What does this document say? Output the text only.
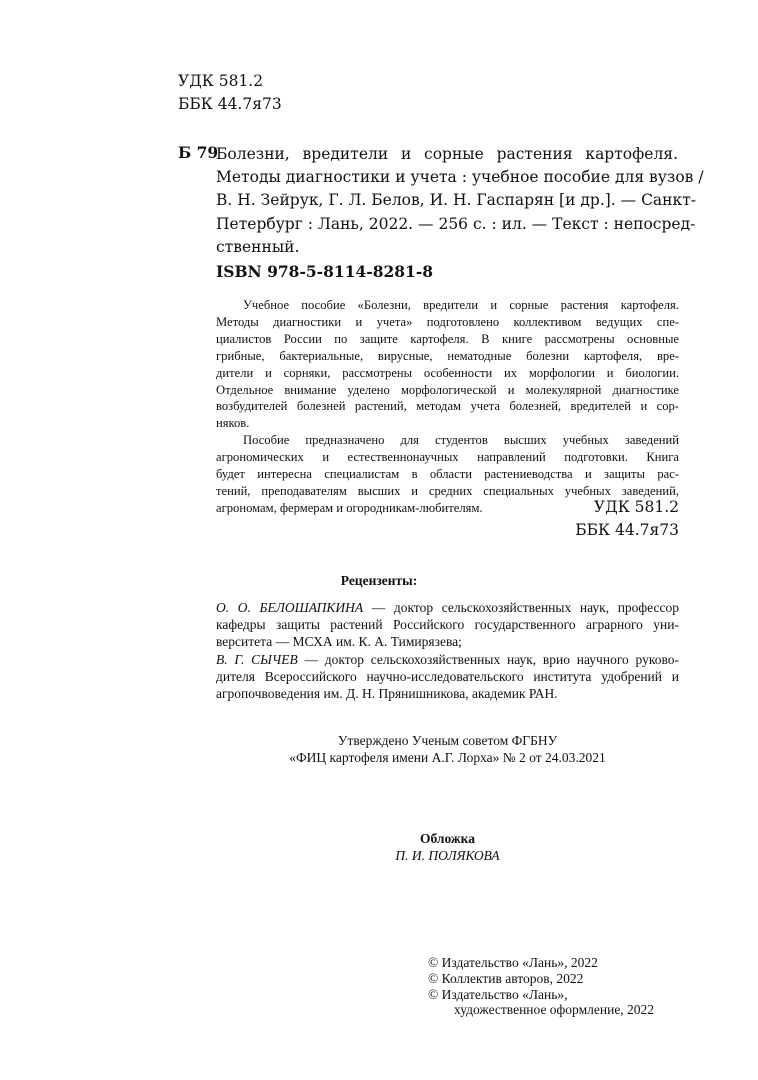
УДК 581.2
ББК 44.7я73
Б 79
Болезни, вредители и сорные растения картофеля.
Методы диагностики и учета : учебное пособие для вузов /
В. Н. Зейрук, Г. Л. Белов, И. Н. Гаспарян [и др.]. — Санкт-
Петербург : Лань, 2022. — 256 с. : ил. — Текст : непосред-
ственный.
ISBN 978-5-8114-8281-8
Учебное пособие «Болезни, вредители и сорные растения картофеля.
Методы диагностики и учета» подготовлено коллективом ведущих спе-
циалистов России по защите картофеля. В книге рассмотрены основные
грибные, бактериальные, вирусные, нематодные болезни картофеля, вре-
дители и сорняки, рассмотрены особенности их морфологии и биологии.
Отдельное внимание уделено морфологической и молекулярной диагностике
возбудителей болезней растений, методам учета болезней, вредителей и сор-
няков.
Пособие предназначено для студентов высших учебных заведений
агрономических и естественнонаучных направлений подготовки. Книга
будет интересна специалистам в области растениеводства и защиты рас-
тений, преподавателям высших и средних специальных учебных заведений,
агрономам, фермерам и огородникам-любителям.	УДК 581.2
ББК 44.7я73
Рецензенты:
О. О. БЕЛОШАПКИНА — доктор сельскохозяйственных наук, профессор
кафедры защиты растений Российского государственного аграрного уни-
верситета — МСХА им. К. А. Тимирязева;
В. Г. СЫЧЕВ — доктор сельскохозяйственных наук, врио научного руково-
дителя Всероссийского научно-исследовательского института удобрений и
агропочвоведения им. Д. Н. Прянишникова, академик РАН.
Утверждено Ученым советом ФГБНУ
«ФИЦ картофеля имени А.Г. Лорха» № 2 от 24.03.2021
Обложка
П. И. ПОЛЯКОВА
© Издательство «Лань», 2022
© Коллектив авторов, 2022
© Издательство «Лань»,
художественное оформление, 2022
